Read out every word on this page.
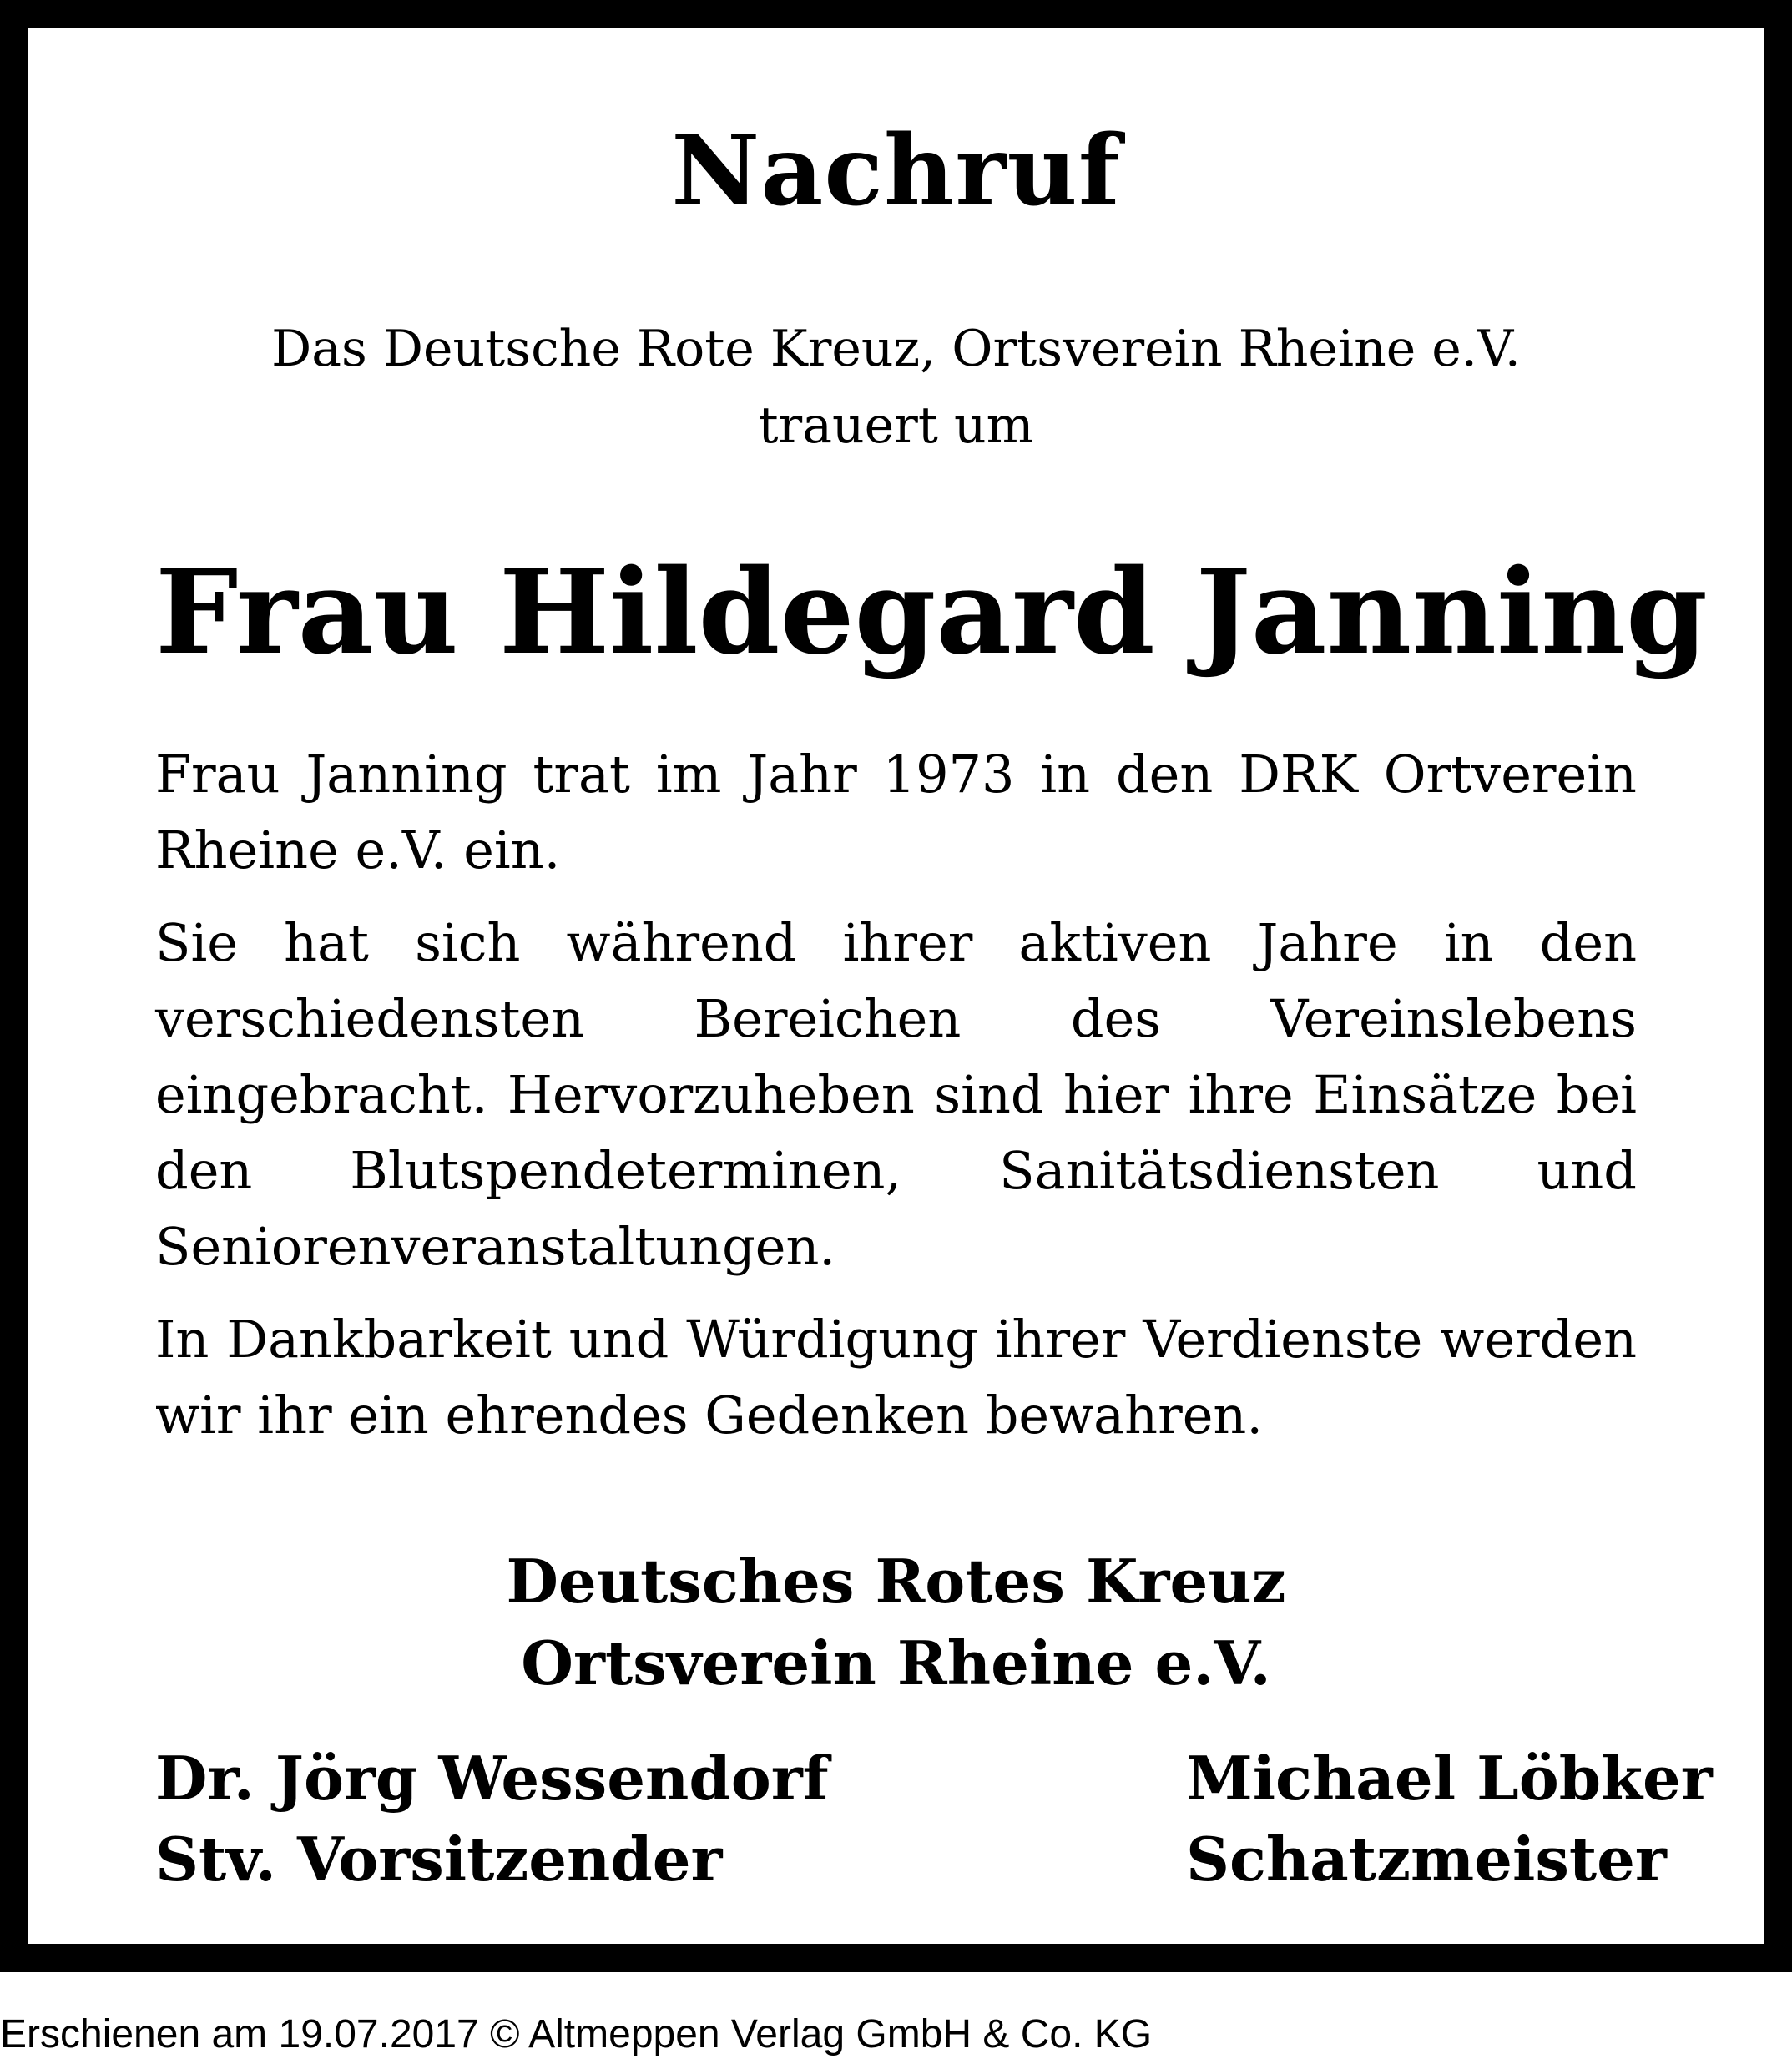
Nachruf
Das Deutsche Rote Kreuz, Ortsverein Rheine e.V.
trauert um
Frau Hildegard Janning

Frau Janning trat im Jahr 1973 in den DRK Ortverein Rheine e.V. ein.

Sie hat sich während ihrer aktiven Jahre in den verschiedensten Bereichen des Vereinslebens eingebracht. Hervorzuheben sind hier ihre Einsätze bei den Blutspendeterminen, Sanitätsdiensten und Seniorenveranstaltungen.

In Dankbarkeit und Würdigung ihrer Verdienste werden wir ihr ein ehrendes Gedenken bewahren.

Deutsches Rotes Kreuz
Ortsverein Rheine e.V.
Dr. Jörg Wessendorf
Stv. Vorsitzender
Michael Löbker
Schatzmeister
Erschienen am 19.07.2017 © Altmeppen Verlag GmbH & Co. KG
